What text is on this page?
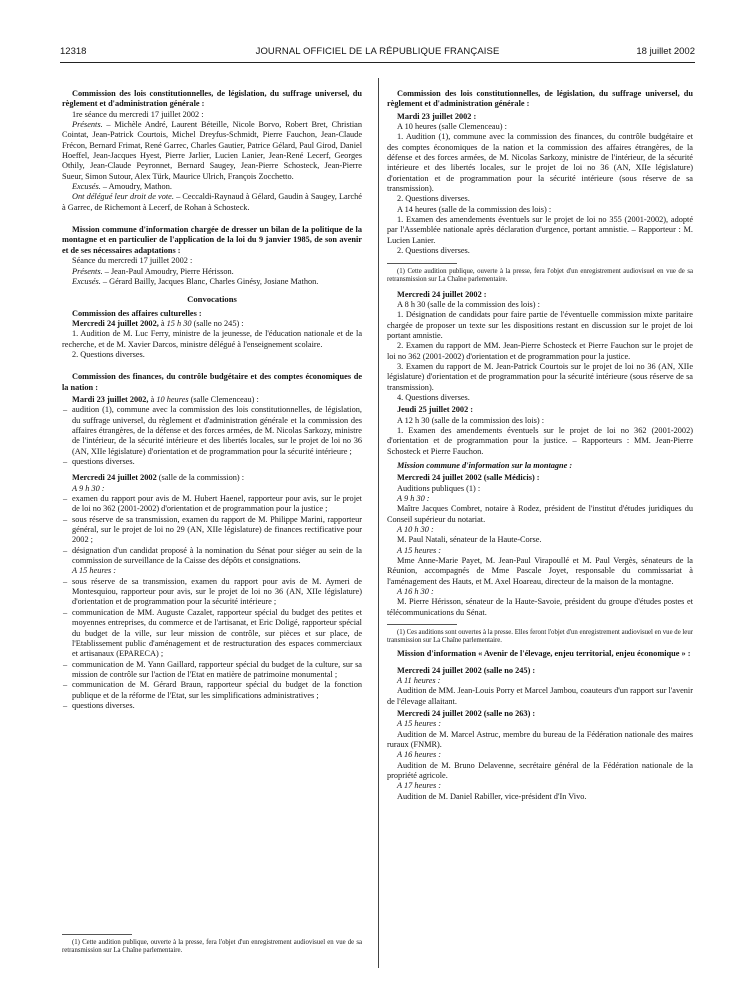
12318	JOURNAL OFFICIEL DE LA RÉPUBLIQUE FRANÇAISE	18 juillet 2002

Commission des lois constitutionnelles, de législation, du suffrage universel, du règlement et d'administration générale :

1re séance du mercredi 17 juillet 2002 :

Présents. – Michèle André, Laurent Béteille, Nicole Borvo, Robert Bret, Christian Cointat, Jean-Patrick Courtois, Michel Dreyfus-Schmidt, Pierre Fauchon, Jean-Claude Frécon, Bernard Frimat, René Garrec, Charles Gautier, Patrice Gélard, Paul Girod, Daniel Hoeffel, Jean-Jacques Hyest, Pierre Jarlier, Lucien Lanier, Jean-René Lecerf, Georges Othily, Jean-Claude Peyronnet, Bernard Saugey, Jean-Pierre Schosteck, Jean-Pierre Sueur, Simon Sutour, Alex Türk, Maurice Ulrich, François Zocchetto.

Excusés. – Amoudry, Mathon.

Ont délégué leur droit de vote. – Ceccaldi-Raynaud à Gélard, Gaudin à Saugey, Larché à Garrec, de Richemont à Lecerf, de Rohan à Schosteck.

Mission commune d'information chargée de dresser un bilan de la politique de la montagne et en particulier de l'application de la loi du 9 janvier 1985, de son avenir et de ses nécessaires adaptations :

Séance du mercredi 17 juillet 2002 :

Présents. – Jean-Paul Amoudry, Pierre Hérisson.

Excusés. – Gérard Bailly, Jacques Blanc, Charles Ginésy, Josiane Mathon.

Convocations

Commission des affaires culturelles :

Mercredi 24 juillet 2002, à 15 h 30 (salle no 245) :

1. Audition de M. Luc Ferry, ministre de la jeunesse, de l'éducation nationale et de la recherche, et de M. Xavier Darcos, ministre délégué à l'enseignement scolaire.

2. Questions diverses.

Commission des finances, du contrôle budgétaire et des comptes économiques de la nation :

Mardi 23 juillet 2002, à 10 heures (salle Clemenceau) :

– audition (1), commune avec la commission des lois constitutionnelles, de législation, du suffrage universel, du règlement et d'administration générale et la commission des affaires étrangères, de la défense et des forces armées, de M. Nicolas Sarkozy, ministre de l'intérieur, de la sécurité intérieure et des libertés locales, sur le projet de loi no 36 (AN, XIIe législature) d'orientation et de programmation pour la sécurité intérieure ;
– questions diverses.

Mercredi 24 juillet 2002 (salle de la commission) :

A 9 h 30 :

– examen du rapport pour avis de M. Hubert Haenel, rapporteur pour avis, sur le projet de loi no 362 (2001-2002) d'orientation et de programmation pour la justice ;
– sous réserve de sa transmission, examen du rapport de M. Philippe Marini, rapporteur général, sur le projet de loi no 29 (AN, XIIe législature) de finances rectificative pour 2002 ;
– désignation d'un candidat proposé à la nomination du Sénat pour siéger au sein de la commission de surveillance de la Caisse des dépôts et consignations.

A 15 heures :

– sous réserve de sa transmission, examen du rapport pour avis de M. Aymeri de Montesquiou, rapporteur pour avis, sur le projet de loi no 36 (AN, XIIe législature) d'orientation et de programmation pour la sécurité intérieure ;
– communication de MM. Auguste Cazalet, rapporteur spécial du budget des petites et moyennes entreprises, du commerce et de l'artisanat, et Eric Doligé, rapporteur spécial du budget de la ville, sur leur mission de contrôle, sur pièces et sur place, de l'Etablissement public d'aménagement et de restructuration des espaces commerciaux et artisanaux (EPARECA) ;
– communication de M. Yann Gaillard, rapporteur spécial du budget de la culture, sur sa mission de contrôle sur l'action de l'Etat en matière de patrimoine monumental ;
– communication de M. Gérard Braun, rapporteur spécial du budget de la fonction publique et de la réforme de l'Etat, sur les simplifications administratives ;
– questions diverses.

(1) Cette audition publique, ouverte à la presse, fera l'objet d'un enregistrement audiovisuel en vue de sa retransmission sur La Chaîne parlementaire.

Commission des lois constitutionnelles, de législation, du suffrage universel, du règlement et d'administration générale :

Mardi 23 juillet 2002 :

A 10 heures (salle Clemenceau) :

1. Audition (1), commune avec la commission des finances, du contrôle budgétaire et des comptes économiques de la nation et la commission des affaires étrangères, de la défense et des forces armées, de M. Nicolas Sarkozy, ministre de l'intérieur, de la sécurité intérieure et des libertés locales, sur le projet de loi no 36 (AN, XIIe législature) d'orientation et de programmation pour la sécurité intérieure (sous réserve de sa transmission).

2. Questions diverses.

A 14 heures (salle de la commission des lois) :

1. Examen des amendements éventuels sur le projet de loi no 355 (2001-2002), adopté par l'Assemblée nationale après déclaration d'urgence, portant amnistie. – Rapporteur : M. Lucien Lanier.

2. Questions diverses.

(1) Cette audition publique, ouverte à la presse, fera l'objet d'un enregistrement audiovisuel en vue de sa retransmission sur La Chaîne parlementaire.

Mercredi 24 juillet 2002 :

A 8 h 30 (salle de la commission des lois) :

1. Désignation de candidats pour faire partie de l'éventuelle commission mixte paritaire chargée de proposer un texte sur les dispositions restant en discussion sur le projet de loi portant amnistie.

2. Examen du rapport de MM. Jean-Pierre Schosteck et Pierre Fauchon sur le projet de loi no 362 (2001-2002) d'orientation et de programmation pour la justice.

3. Examen du rapport de M. Jean-Patrick Courtois sur le projet de loi no 36 (AN, XIIe législature) d'orientation et de programmation pour la sécurité intérieure (sous réserve de sa transmission).

4. Questions diverses.

Jeudi 25 juillet 2002 :

A 12 h 30 (salle de la commission des lois) :

1. Examen des amendements éventuels sur le projet de loi no 362 (2001-2002) d'orientation et de programmation pour la justice. – Rapporteurs : MM. Jean-Pierre Schosteck et Pierre Fauchon.

Mission commune d'information sur la montagne :

Mercredi 24 juillet 2002 (salle Médicis) :

Auditions publiques (1) :

A 9 h 30 :

Maître Jacques Combret, notaire à Rodez, président de l'institut d'études juridiques du Conseil supérieur du notariat.

A 10 h 30 :

M. Paul Natali, sénateur de la Haute-Corse.

A 15 heures :

Mme Anne-Marie Payet, M. Jean-Paul Virapoullé et M. Paul Vergès, sénateurs de la Réunion, accompagnés de Mme Pascale Joyet, responsable du commissariat à l'aménagement des Hauts, et M. Axel Hoareau, directeur de la maison de la montagne.

A 16 h 30 :

M. Pierre Hérisson, sénateur de la Haute-Savoie, président du groupe d'études postes et télécommunications du Sénat.

(1) Ces auditions sont ouvertes à la presse. Elles feront l'objet d'un enregistrement audiovisuel en vue de leur transmission sur La Chaîne parlementaire.

Mission d'information « Avenir de l'élevage, enjeu territorial, enjeu économique » :

Mercredi 24 juillet 2002 (salle no 245) :

A 11 heures :

Audition de MM. Jean-Louis Porry et Marcel Jambou, coauteurs d'un rapport sur l'avenir de l'élevage allaitant.

Mercredi 24 juillet 2002 (salle no 263) :

A 15 heures :

Audition de M. Marcel Astruc, membre du bureau de la Fédération nationale des maires ruraux (FNMR).

A 16 heures :

Audition de M. Bruno Delavenne, secrétaire général de la Fédération nationale de la propriété agricole.

A 17 heures :

Audition de M. Daniel Rabiller, vice-président d'In Vivo.
